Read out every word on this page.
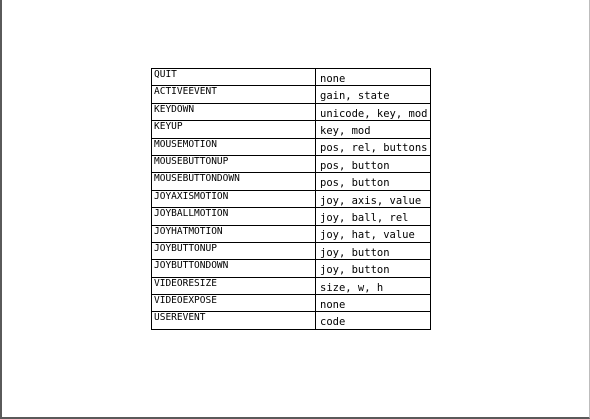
QUIT	none
ACTIVEEVENT	gain, state
KEYDOWN	unicode, key, mod
KEYUP	key, mod
MOUSEMOTION	pos, rel, buttons
MOUSEBUTTONUP	pos, button
MOUSEBUTTONDOWN	pos, button
JOYAXISMOTION	joy, axis, value
JOYBALLMOTION	joy, ball, rel
JOYHATMOTION	joy, hat, value
JOYBUTTONUP	joy, button
JOYBUTTONDOWN	joy, button
VIDEORESIZE	size, w, h
VIDEOEXPOSE	none
USEREVENT	code
